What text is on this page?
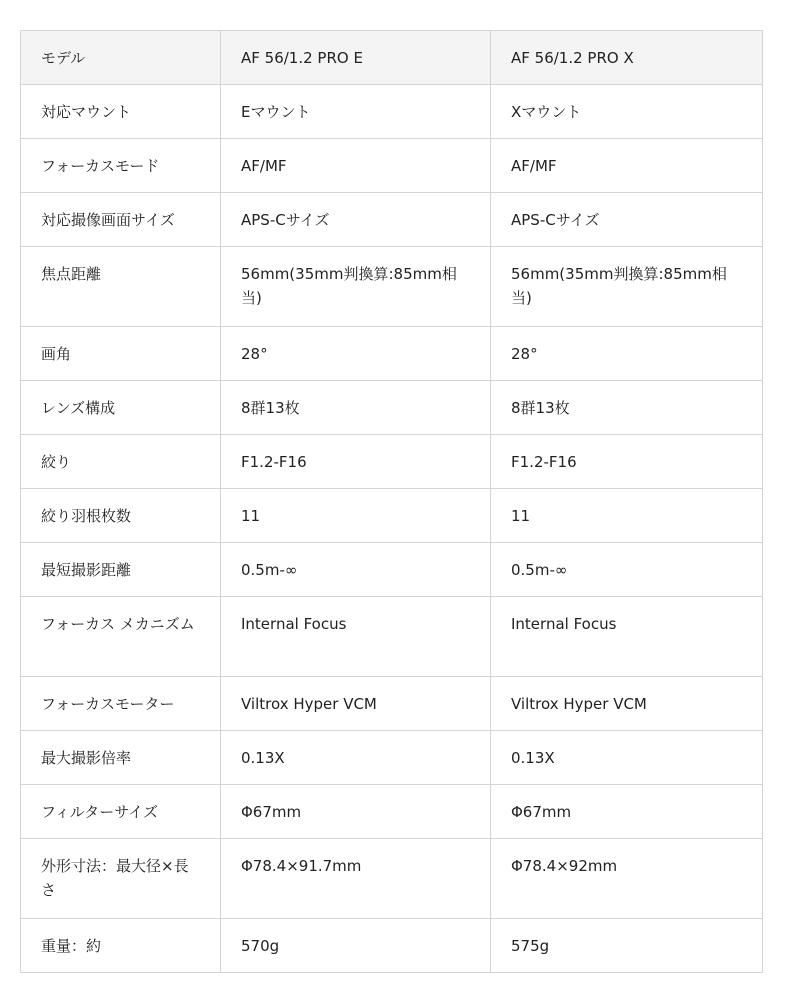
モデル	AF 56/1.2 PRO E	AF 56/1.2 PRO X
対応マウント	Eマウント	Xマウント
フォーカスモード	AF/MF	AF/MF
対応撮像画面サイズ	APS-Cサイズ	APS-Cサイズ
焦点距離	56mm(35mm判換算:85mm相当)	56mm(35mm判換算:85mm相当)
画角	28°	28°
レンズ構成	8群13枚	8群13枚
絞り	F1.2-F16	F1.2-F16
絞り羽根枚数	11	11
最短撮影距離	0.5m-∞	0.5m-∞
フォーカス メカニズム	Internal Focus	Internal Focus
フォーカスモーター	Viltrox Hyper VCM	Viltrox Hyper VCM
最大撮影倍率	0.13X	0.13X
フィルターサイズ	Φ67mm	Φ67mm
外形寸法：最大径×長さ	Φ78.4×91.7mm	Φ78.4×92mm
重量：約	570g	575g
